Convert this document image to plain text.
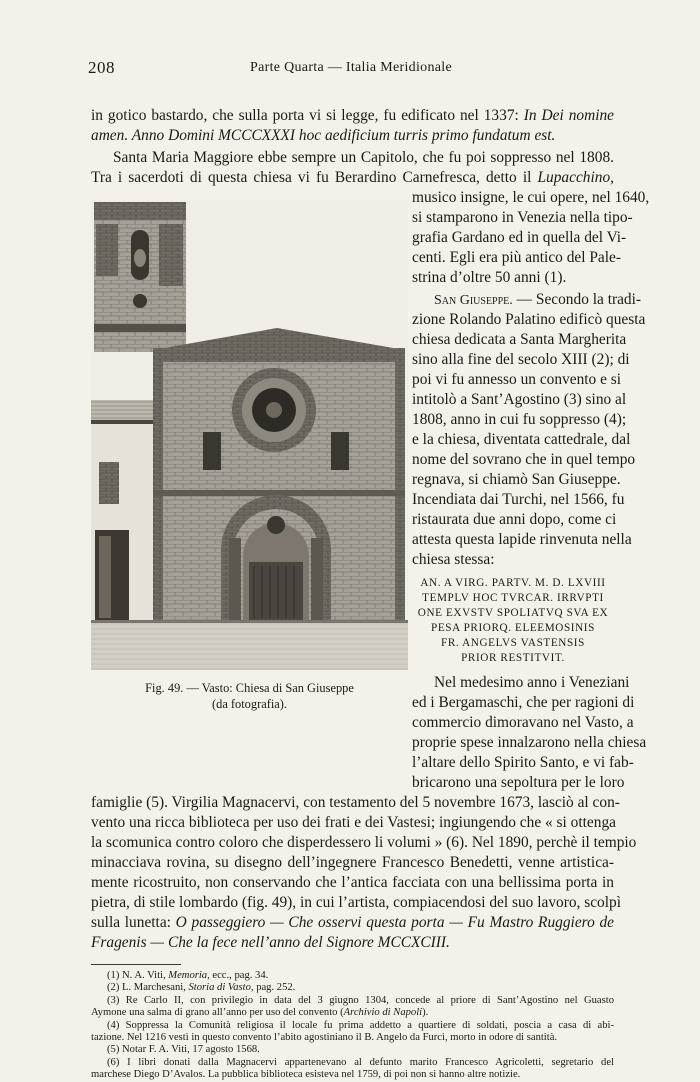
208	Parte Quarta — Italia Meridionale
in gotico bastardo, che sulla porta vi si legge, fu edificato nel 1337: In Dei nomine
amen. Anno Domini MCCCXXXI hoc aedificium turris primo fundatum est.
Santa Maria Maggiore ebbe sempre un Capitolo, che fu poi soppresso nel 1808.
Tra i sacerdoti di questa chiesa vi fu Berardino Carnefresca, detto il Lupacchino,
musico insigne, le cui opere, nel 1640,
si stamparono in Venezia nella tipo-
grafia Gardano ed in quella del Vi-
centi. Egli era più antico del Pale-
strina d’oltre 50 anni (1).
San Giuseppe. — Secondo la tradi-
zione Rolando Palatino edificò questa
chiesa dedicata a Santa Margherita
sino alla fine del secolo XIII (2); di
poi vi fu annesso un convento e si
intitolò a Sant’Agostino (3) sino al
1808, anno in cui fu soppresso (4);
e la chiesa, diventata cattedrale, dal
nome del sovrano che in quel tempo
regnava, si chiamò San Giuseppe.
Incendiata dai Turchi, nel 1566, fu
ristaurata due anni dopo, come ci
attesta questa lapide rinvenuta nella
chiesa stessa:
AN. A VIRG. PARTV. M. D. LXVIII
TEMPLV HOC TVRCAR. IRRVPTI
ONE EXVSTV SPOLIATVQ SVA EX
PESA PRIORQ. ELEEMOSINIS
FR. ANGELVS VASTENSIS
PRIOR RESTITVIT.
Nel medesimo anno i Veneziani
ed i Bergamaschi, che per ragioni di
commercio dimoravano nel Vasto, a
proprie spese innalzarono nella chiesa
l’altare dello Spirito Santo, e vi fab-
bricarono una sepoltura per le loro
famiglie (5). Virgilia Magnacervi, con testamento del 5 novembre 1673, lasciò al con-
vento una ricca biblioteca per uso dei frati e dei Vastesi; ingiungendo che « si ottenga
la scomunica contro coloro che disperdessero li volumi » (6). Nel 1890, perchè il tempio
minacciava rovina, su disegno dell’ingegnere Francesco Benedetti, venne artistica-
mente ricostruito, non conservando che l’antica facciata con una bellissima porta in
pietra, di stile lombardo (fig. 49), in cui l’artista, compiacendosi del suo lavoro, scolpì
sulla lunetta: O passeggiero — Che osservi questa porta — Fu Mastro Ruggiero de
Fragenis — Che la fece nell’anno del Signore MCCXCIII.
Fig. 49. — Vasto: Chiesa di San Giuseppe
(da fotografia).
(1) N. A. Viti, Memoria, ecc., pag. 34.
(2) L. Marchesani, Storia di Vasto, pag. 252.
(3) Re Carlo II, con privilegio in data del 3 giugno 1304, concede al priore di Sant’Agostino nel Guasto
Aymone una salma di grano all’anno per uso del convento (Archivio di Napoli).
(4) Soppressa la Comunità religiosa il locale fu prima addetto a quartiere di soldati, poscia a casa di abi-
tazione. Nel 1216 vestì in questo convento l’abito agostiniano il B. Angelo da Furci, morto in odore di santità.
(5) Notar F. A. Viti, 17 agosto 1568.
(6) I libri donati dalla Magnacervi appartenevano al defunto marito Francesco Agricoletti, segretario del
marchese Diego D’Avalos. La pubblica biblioteca esisteva nel 1759, di poi non si hanno altre notizie.
